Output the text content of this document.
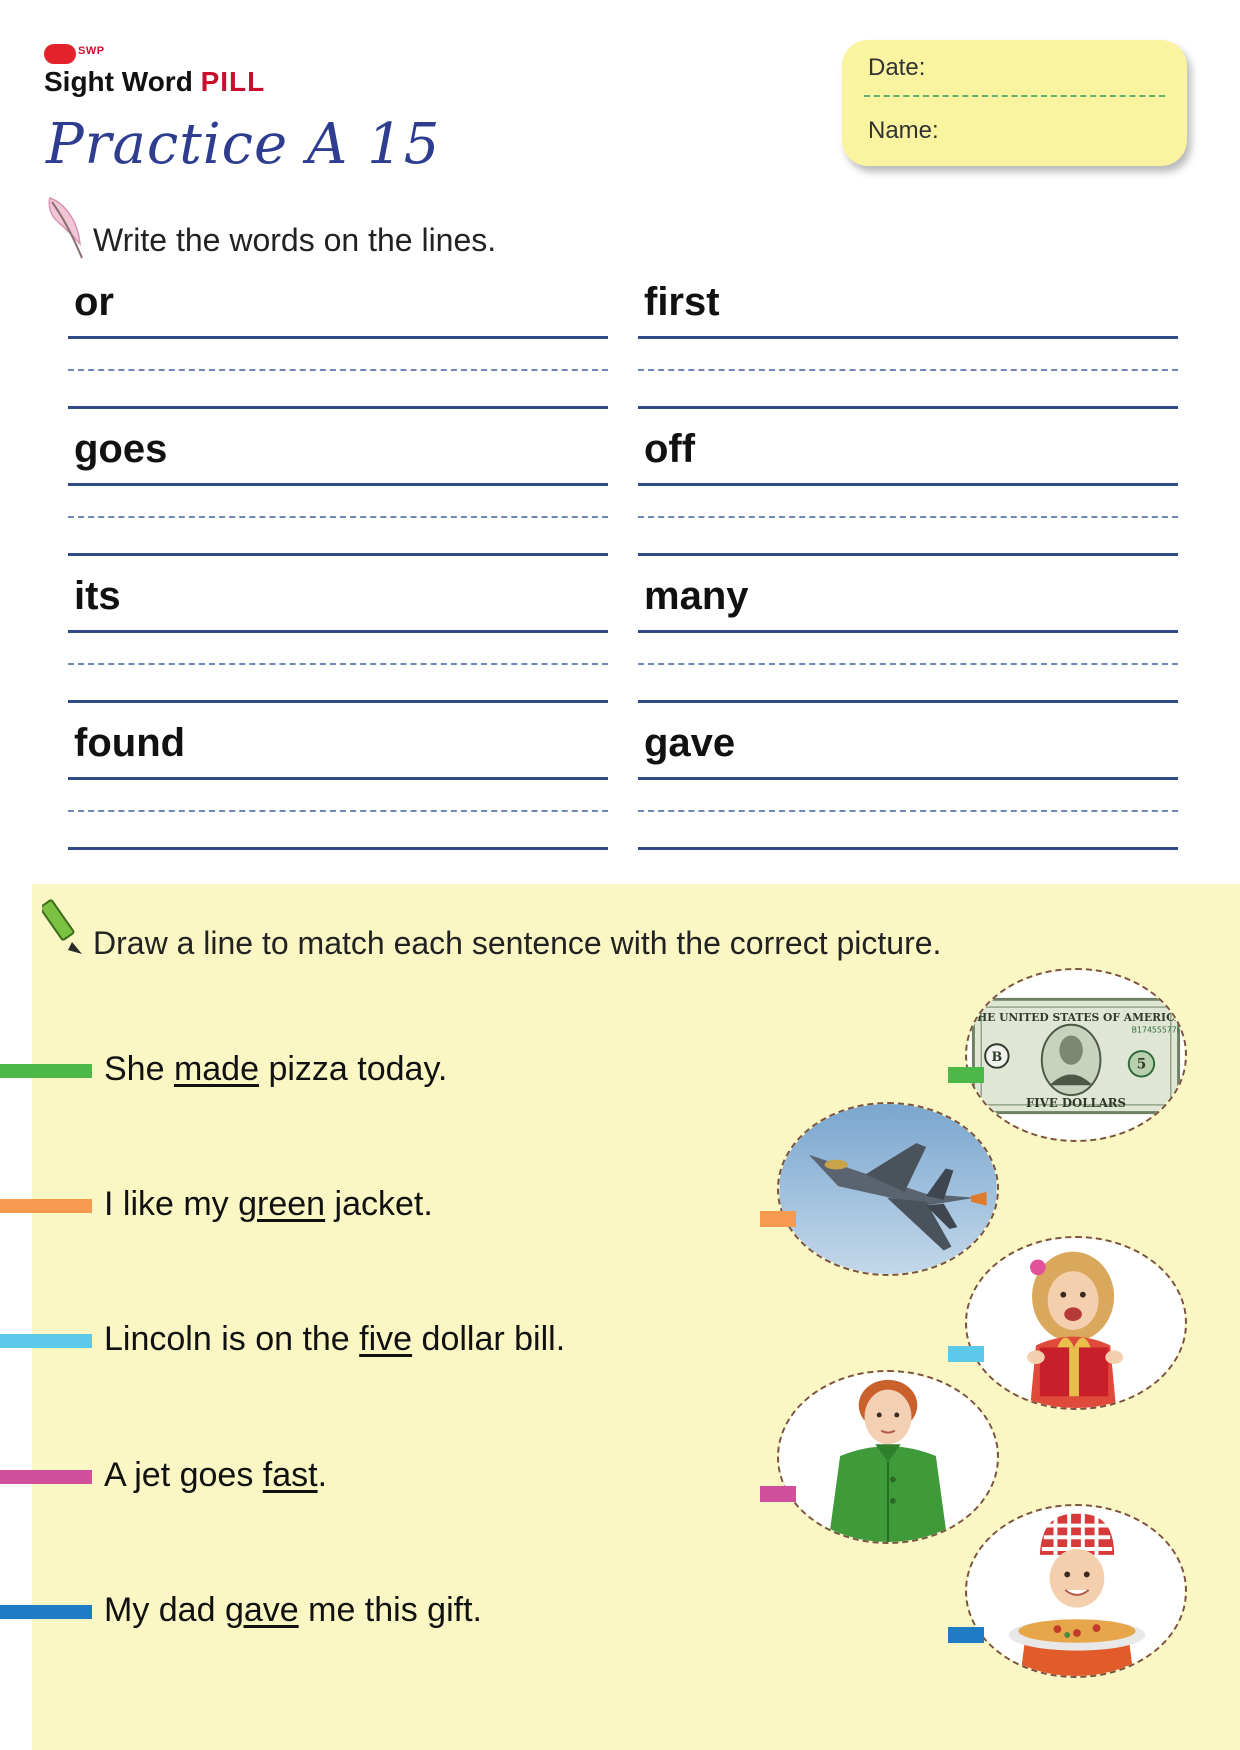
SWP
Sight Word PILL
Practice A 15
Date:
Name:
Write the words on the lines.
or	first
goes	off
its	many
found	gave
Draw a line to match each sentence with the correct picture.
She made pizza today.
I like my green jacket.
Lincoln is on the five dollar bill.
A jet goes fast.
My dad gave me this gift.
THE UNITED STATES OF AMERICA
B17455577F
B
5
FIVE DOLLARS
